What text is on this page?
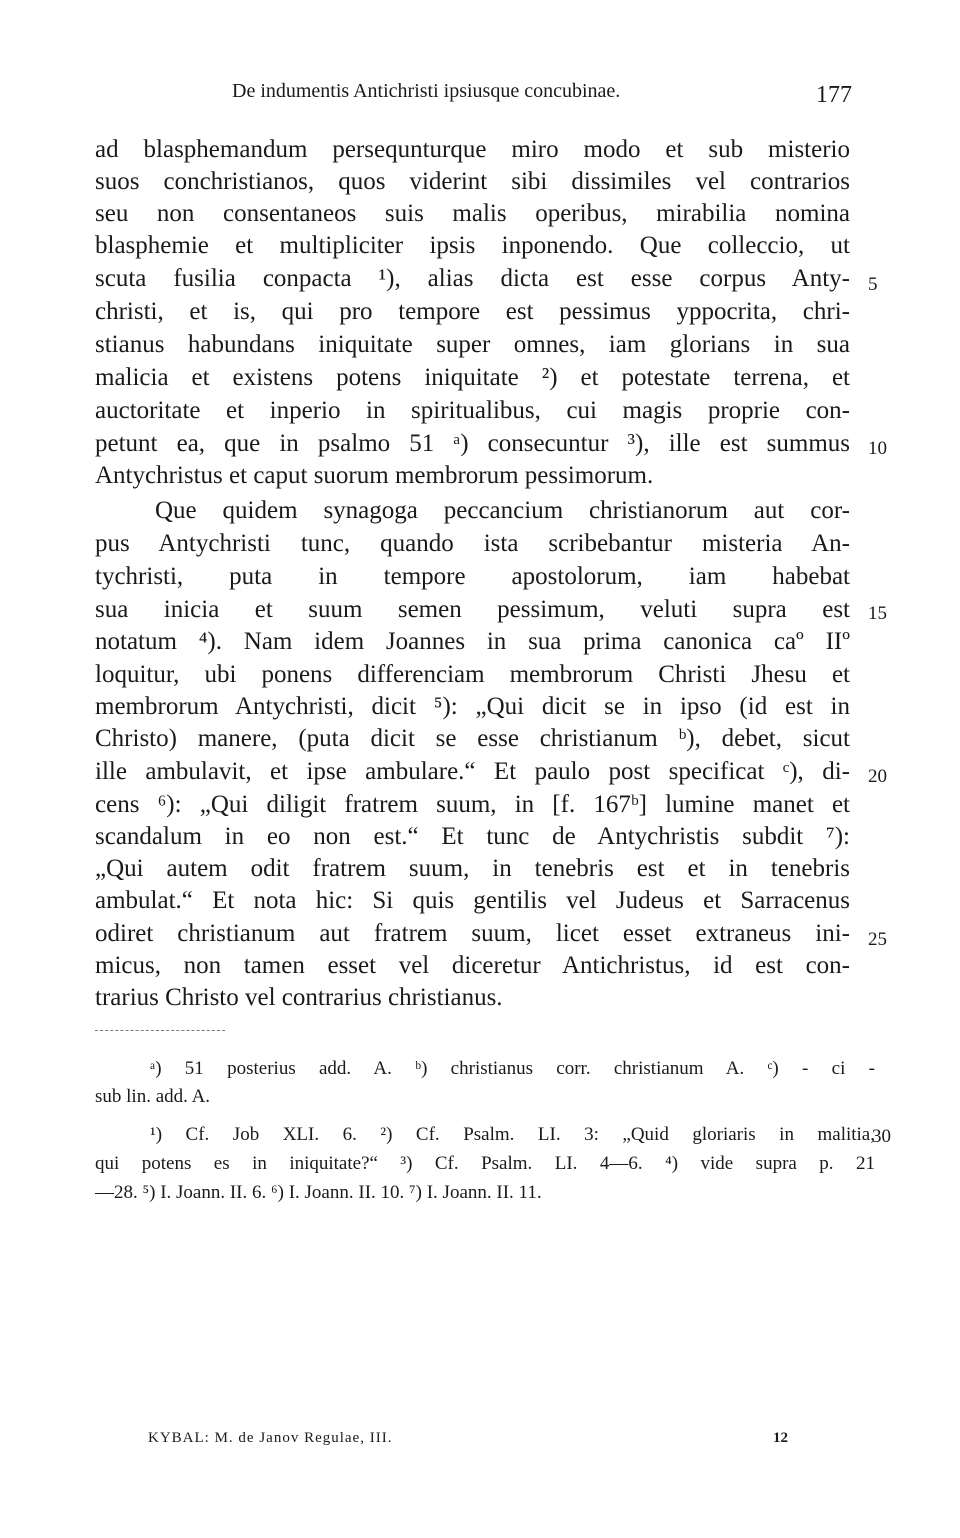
De indumentis Antichristi ipsiusque concubinae.	177
ad blasphemandum persequnturque miro modo et sub misterio
suos conchristianos, quos viderint sibi dissimiles vel contrarios
seu non consentaneos suis malis operibus, mirabilia nomina
blasphemie et multipliciter ipsis inponendo. Que colleccio, ut
scuta fusilia conpacta ¹), alias dicta est esse corpus Anty-
christi, et is, qui pro tempore est pessimus yppocrita, chri-
stianus habundans iniquitate super omnes, iam glorians in sua
malicia et existens potens iniquitate ²) et potestate terrena, et
auctoritate et inperio in spiritualibus, cui magis proprie con-
petunt ea, que in psalmo 51 ᵃ) consecuntur ³), ille est summus
Antychristus et caput suorum membrorum pessimorum.
Que quidem synagoga peccancium christianorum aut cor-
pus Antychristi tunc, quando ista scribebantur misteria An-
tychristi, puta in tempore apostolorum, iam habebat
sua inicia et suum semen pessimum, veluti supra est
notatum ⁴). Nam idem Joannes in sua prima canonica caº IIº
loquitur, ubi ponens differenciam membrorum Christi Jhesu et
membrorum Antychristi, dicit ⁵): „Qui dicit se in ipso (id est in
Christo) manere, (puta dicit se esse christianum ᵇ), debet, sicut
ille ambulavit, et ipse ambulare.“ Et paulo post specificat ᶜ), di-
cens ⁶): „Qui diligit fratrem suum, in [f. 167ᵇ] lumine manet et
scandalum in eo non est.“ Et tunc de Antychristis subdit ⁷):
„Qui autem odit fratrem suum, in tenebris est et in tenebris
ambulat.“ Et nota hic: Si quis gentilis vel Judeus et Sarracenus
odiret christianum aut fratrem suum, licet esset extraneus ini-
micus, non tamen esset vel diceretur Antichristus, id est con-
trarius Christo vel contrarius christianus.
5
10
15
20
25
ᵃ) 51 posterius add. A. ᵇ) christianus corr. christianum A. ᶜ) - ci -
sub lin. add. A.
¹) Cf. Job XLI. 6. ²) Cf. Psalm. LI. 3: „Quid gloriaris in malitia,
qui potens es in iniquitate?“ ³) Cf. Psalm. LI. 4—6. ⁴) vide supra p. 21
—28. ⁵) I. Joann. II. 6. ⁶) I. Joann. II. 10. ⁷) I. Joann. II. 11.
30
KYBAL: M. de Janov Regulae, III.	12
